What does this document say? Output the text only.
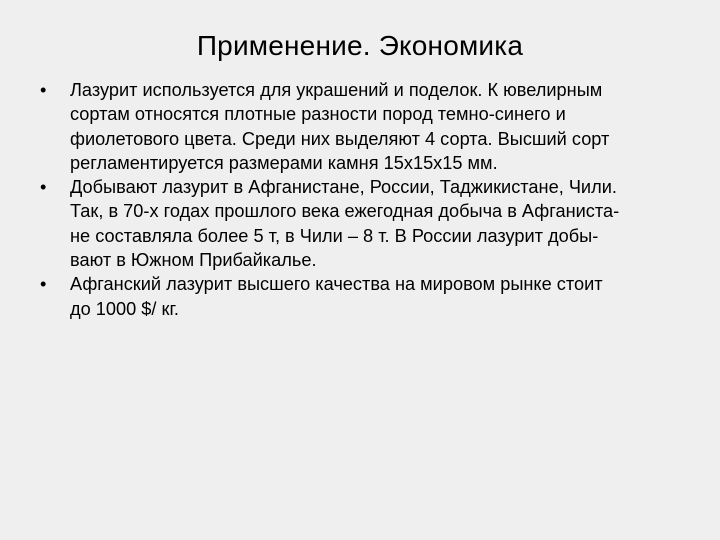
Применение. Экономика
•	Лазурит используется для украшений и поделок. К ювелирным
сортам относятся плотные разности пород темно-синего и
фиолетового цвета. Среди них выделяют 4 сорта. Высший сорт
регламентируется размерами камня 15х15х15 мм.
•	Добывают лазурит в Афганистане, России, Таджикистане, Чили.
Так, в 70-х годах прошлого века ежегодная добыча в Афганиста-
не составляла более 5 т, в Чили – 8 т. В России лазурит добы-
вают в Южном Прибайкалье.
•	Афганский лазурит высшего качества на мировом рынке стоит
до 1000 $/ кг.
